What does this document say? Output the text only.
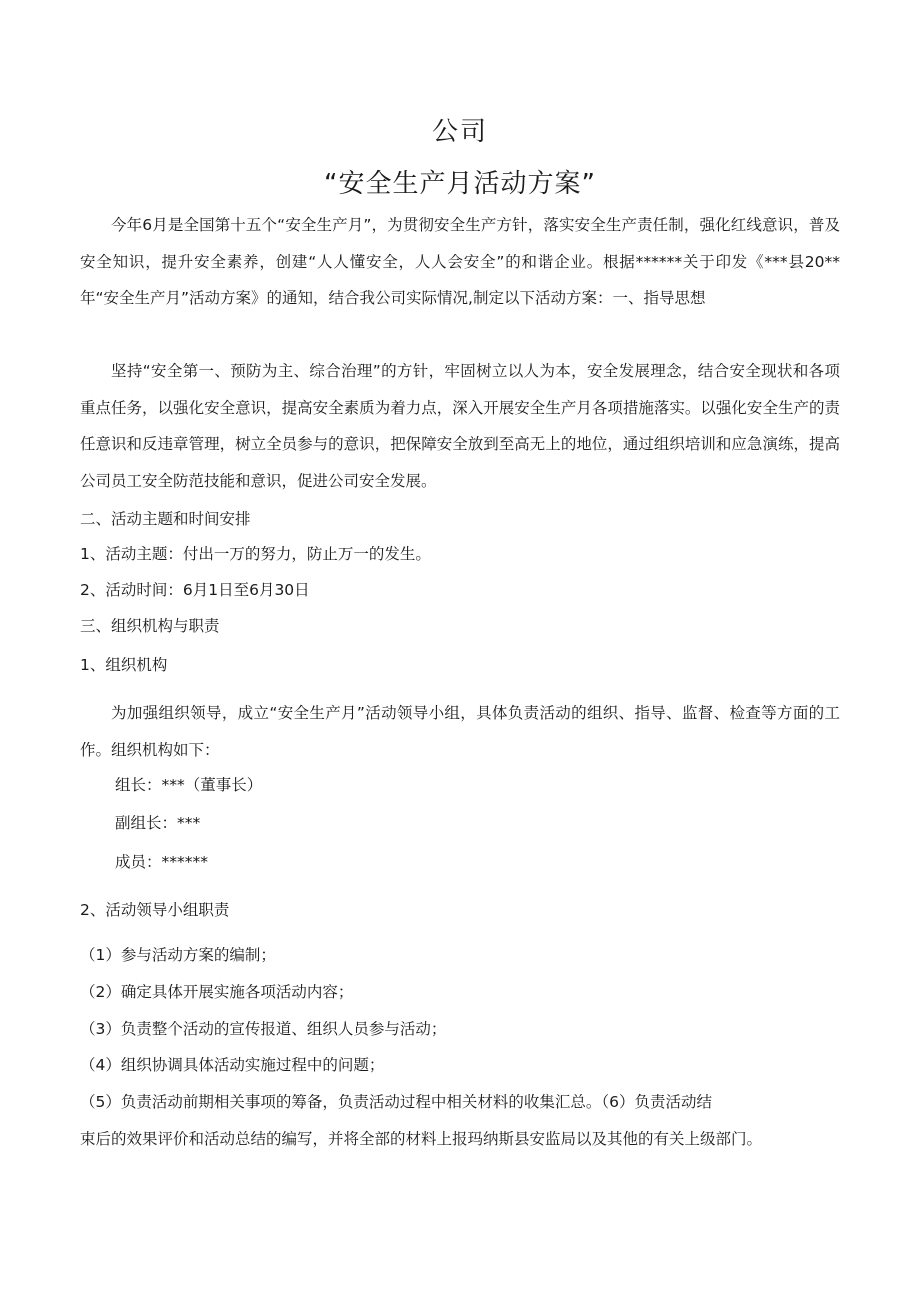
公司
“安全生产月活动方案”

今年6月是全国第十五个“安全生产月”，为贯彻安全生产方针，落实安全生产责任制，强化红线意识，普及安全知识，提升安全素养，创建“人人懂安全，人人会安全”的和谐企业。根据******关于印发《***县20**年“安全生产月”活动方案》的通知，结合我公司实际情况,制定以下活动方案：一、指导思想

坚持“安全第一、预防为主、综合治理”的方针，牢固树立以人为本，安全发展理念，结合安全现状和各项重点任务，以强化安全意识，提高安全素质为着力点，深入开展安全生产月各项措施落实。以强化安全生产的责任意识和反违章管理，树立全员参与的意识，把保障安全放到至高无上的地位，通过组织培训和应急演练，提高公司员工安全防范技能和意识，促进公司安全发展。

二、活动主题和时间安排

1、活动主题：付出一万的努力，防止万一的发生。

2、活动时间：6月1日至6月30日

三、组织机构与职责

1、组织机构

为加强组织领导，成立“安全生产月”活动领导小组，具体负责活动的组织、指导、监督、检查等方面的工作。组织机构如下：

组长：***（董事长）

副组长：***

成员：******

2、活动领导小组职责

（1）参与活动方案的编制；

（2）确定具体开展实施各项活动内容；

（3）负责整个活动的宣传报道、组织人员参与活动；

（4）组织协调具体活动实施过程中的问题；

（5）负责活动前期相关事项的筹备，负责活动过程中相关材料的收集汇总。（6）负责活动结

束后的效果评价和活动总结的编写，并将全部的材料上报玛纳斯县安监局以及其他的有关上级部门。
